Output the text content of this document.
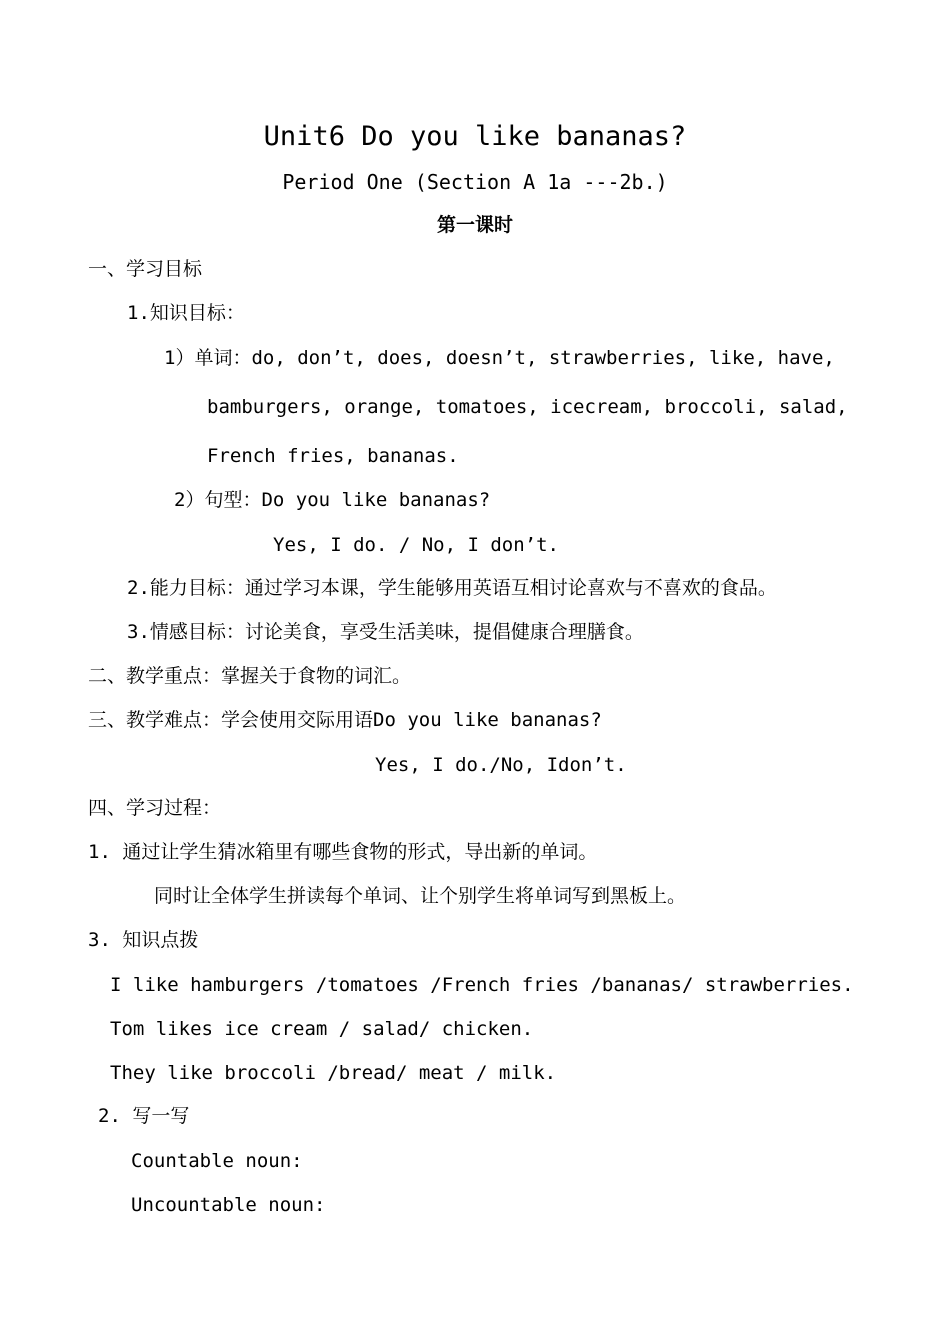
Unit6 Do you like bananas?
Period One (Section A 1a ---2b.)
第一课时
一、学习目标
1.知识目标：
1）单词：do, don’t, does, doesn’t, strawberries, like, have,
bamburgers, orange, tomatoes, icecream, broccoli, salad,
French fries, bananas.
2）句型：Do you like bananas?
Yes, I do. / No, I don’t.
2.能力目标：通过学习本课，学生能够用英语互相讨论喜欢与不喜欢的食品。
3.情感目标：讨论美食，享受生活美味，提倡健康合理膳食。
二、教学重点：掌握关于食物的词汇。
三、教学难点：学会使用交际用语Do you like bananas?
Yes, I do./No, Idon’t.
四、学习过程：
1. 通过让学生猜冰箱里有哪些食物的形式，导出新的单词。
同时让全体学生拼读每个单词、让个别学生将单词写到黑板上。
3. 知识点拨
I like hamburgers /tomatoes /French fries /bananas/ strawberries.
Tom likes ice cream / salad/ chicken.
They like broccoli /bread/ meat / milk.
2. 写一写
Countable noun:
Uncountable noun:
